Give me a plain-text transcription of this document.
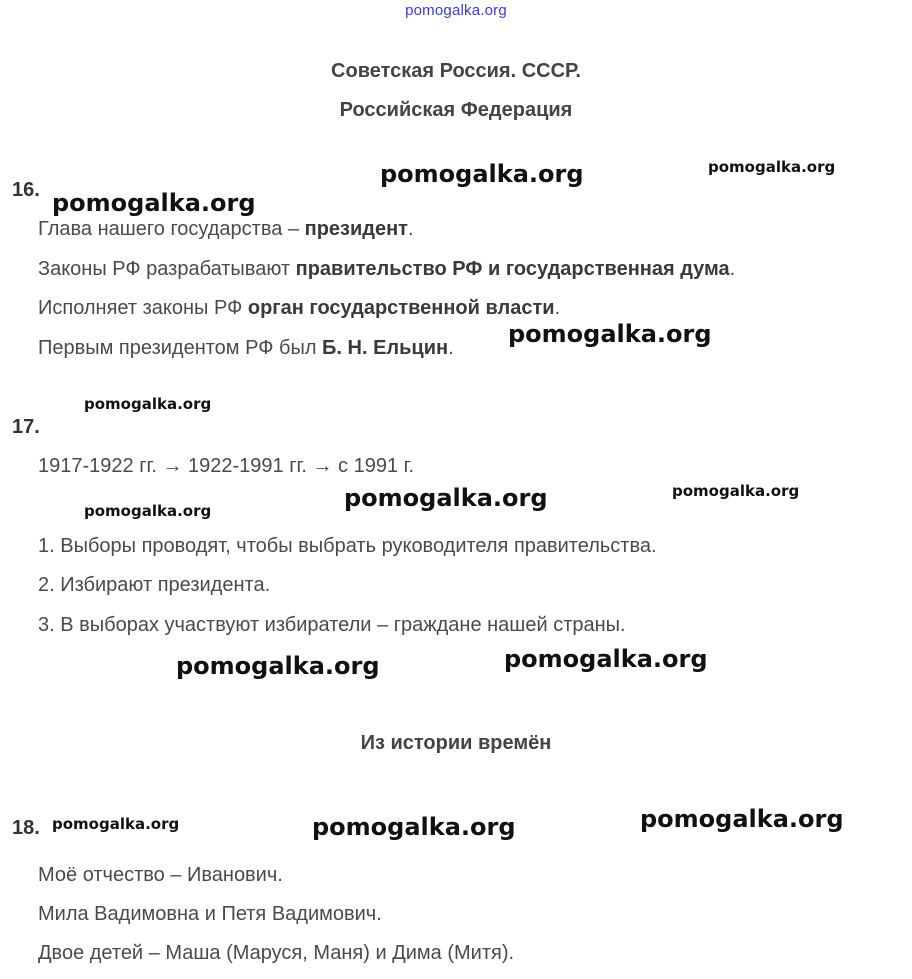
pomogalka.org
Советская Россия. СССР.
Российская Федерация
16.
Глава нашего государства – президент.
Законы РФ разрабатывают правительство РФ и государственная дума.
Исполняет законы РФ орган государственной власти.
Первым президентом РФ был Б. Н. Ельцин.
17.
1917-1922 гг. → 1922-1991 гг. → с 1991 г.
1. Выборы проводят, чтобы выбрать руководителя правительства.
2. Избирают президента.
3. В выборах участвуют избиратели – граждане нашей страны.
Из истории времён
18.
Моё отчество – Иванович.
Мила Вадимовна и Петя Вадимович.
Двое детей – Маша (Маруся, Маня) и Дима (Митя).
pomogalka.org	pomogalka.org
pomogalka.org
pomogalka.org
pomogalka.org
pomogalka.org	pomogalka.org
pomogalka.org
pomogalka.org	pomogalka.org
pomogalka.org	pomogalka.org	pomogalka.org
